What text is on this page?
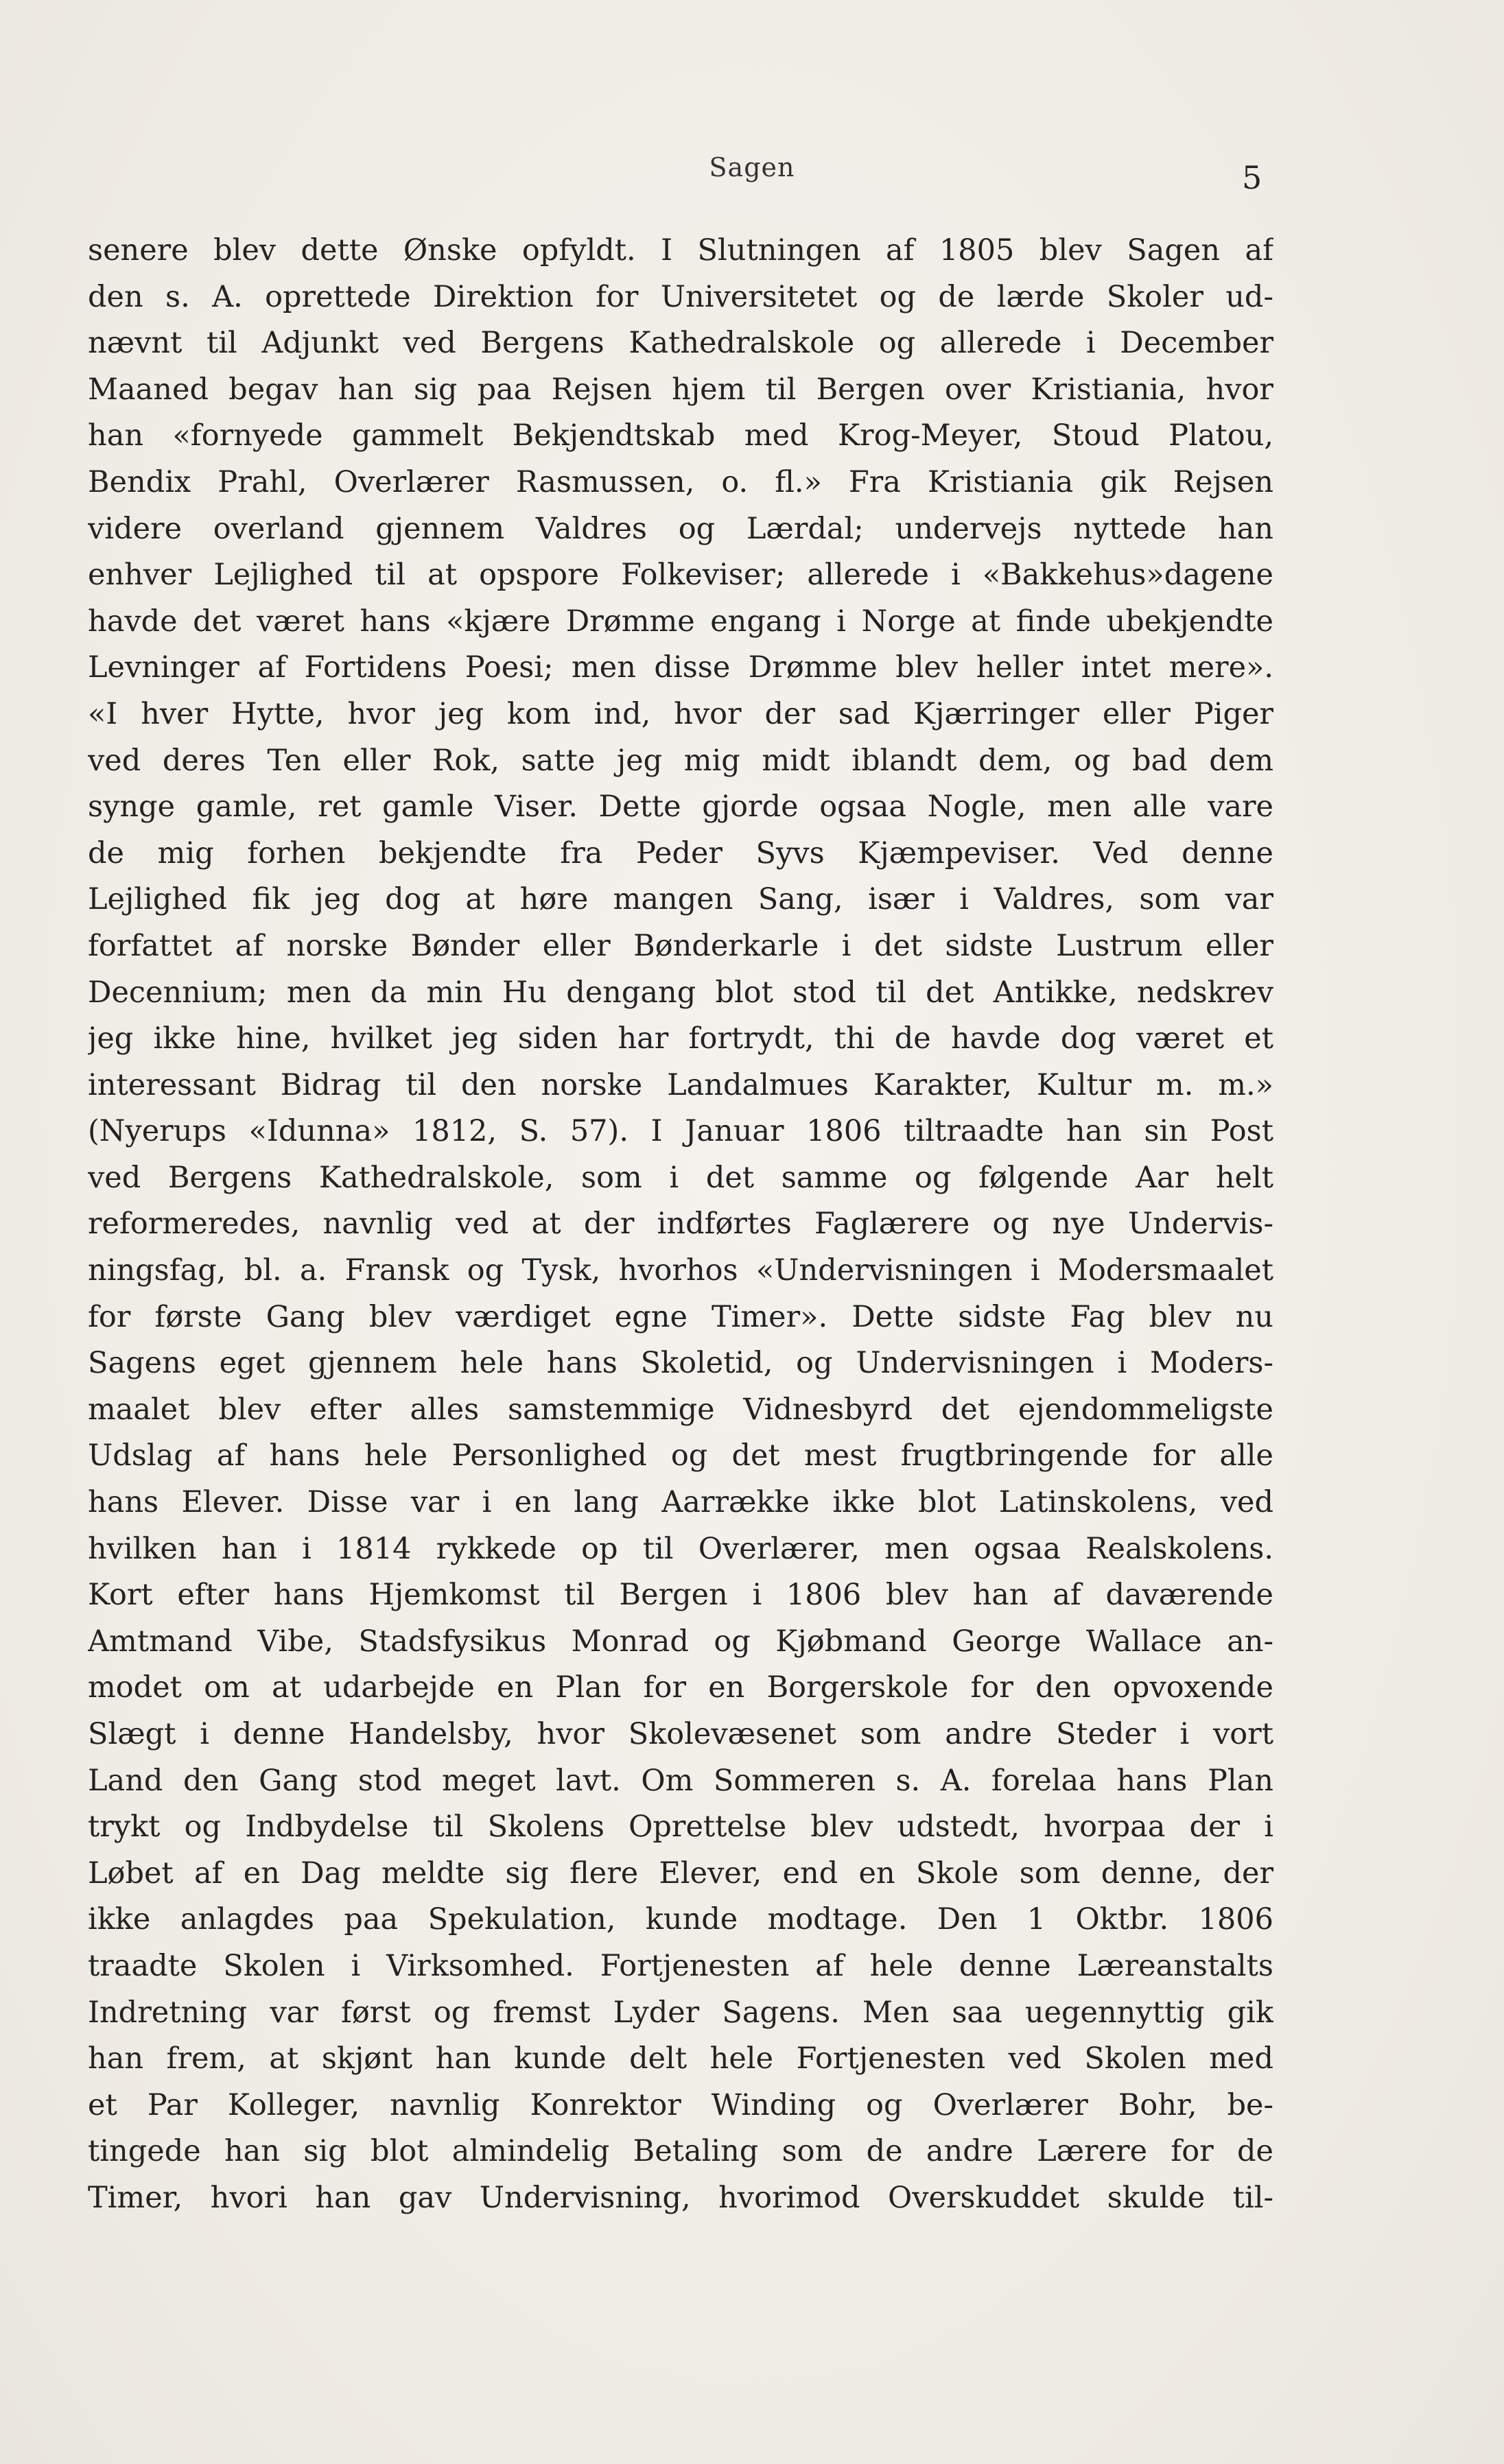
Sagen	5
senere blev dette Ønske opfyldt. I Slutningen af 1805 blev Sagen af
den s. A. oprettede Direktion for Universitetet og de lærde Skoler ud-
nævnt til Adjunkt ved Bergens Kathedralskole og allerede i December
Maaned begav han sig paa Rejsen hjem til Bergen over Kristiania, hvor
han «fornyede gammelt Bekjendtskab med Krog-Meyer, Stoud Platou,
Bendix Prahl, Overlærer Rasmussen, o. fl.» Fra Kristiania gik Rejsen
videre overland gjennem Valdres og Lærdal; undervejs nyttede han
enhver Lejlighed til at opspore Folkeviser; allerede i «Bakkehus»dagene
havde det været hans «kjære Drømme engang i Norge at finde ubekjendte
Levninger af Fortidens Poesi; men disse Drømme blev heller intet mere».
«I hver Hytte, hvor jeg kom ind, hvor der sad Kjærringer eller Piger
ved deres Ten eller Rok, satte jeg mig midt iblandt dem, og bad dem
synge gamle, ret gamle Viser. Dette gjorde ogsaa Nogle, men alle vare
de mig forhen bekjendte fra Peder Syvs Kjæmpeviser. Ved denne
Lejlighed fik jeg dog at høre mangen Sang, især i Valdres, som var
forfattet af norske Bønder eller Bønderkarle i det sidste Lustrum eller
Decennium; men da min Hu dengang blot stod til det Antikke, nedskrev
jeg ikke hine, hvilket jeg siden har fortrydt, thi de havde dog været et
interessant Bidrag til den norske Landalmues Karakter, Kultur m. m.»
(Nyerups «Idunna» 1812, S. 57). I Januar 1806 tiltraadte han sin Post
ved Bergens Kathedralskole, som i det samme og følgende Aar helt
reformeredes, navnlig ved at der indførtes Faglærere og nye Undervis-
ningsfag, bl. a. Fransk og Tysk, hvorhos «Undervisningen i Modersmaalet
for første Gang blev værdiget egne Timer». Dette sidste Fag blev nu
Sagens eget gjennem hele hans Skoletid, og Undervisningen i Moders-
maalet blev efter alles samstemmige Vidnesbyrd det ejendommeligste
Udslag af hans hele Personlighed og det mest frugtbringende for alle
hans Elever. Disse var i en lang Aarrække ikke blot Latinskolens, ved
hvilken han i 1814 rykkede op til Overlærer, men ogsaa Realskolens.
Kort efter hans Hjemkomst til Bergen i 1806 blev han af daværende
Amtmand Vibe, Stadsfysikus Monrad og Kjøbmand George Wallace an-
modet om at udarbejde en Plan for en Borgerskole for den opvoxende
Slægt i denne Handelsby, hvor Skolevæsenet som andre Steder i vort
Land den Gang stod meget lavt. Om Sommeren s. A. forelaa hans Plan
trykt og Indbydelse til Skolens Oprettelse blev udstedt, hvorpaa der i
Løbet af en Dag meldte sig flere Elever, end en Skole som denne, der
ikke anlagdes paa Spekulation, kunde modtage. Den 1 Oktbr. 1806
traadte Skolen i Virksomhed. Fortjenesten af hele denne Læreanstalts
Indretning var først og fremst Lyder Sagens. Men saa uegennyttig gik
han frem, at skjønt han kunde delt hele Fortjenesten ved Skolen med
et Par Kolleger, navnlig Konrektor Winding og Overlærer Bohr, be-
tingede han sig blot almindelig Betaling som de andre Lærere for de
Timer, hvori han gav Undervisning, hvorimod Overskuddet skulde til-
